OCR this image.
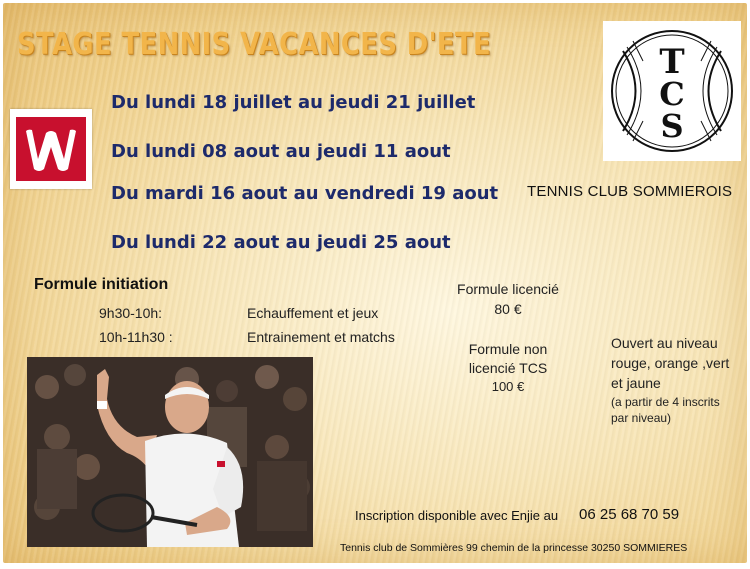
STAGE TENNIS VACANCES D'ETE
Du lundi 18 juillet au jeudi 21 juillet
Du lundi 08 aout au jeudi 11 aout
Du mardi 16 aout au vendredi 19 aout
Du lundi 22 aout au jeudi 25 aout
T
C
S
TENNIS CLUB SOMMIEROIS
Formule initiation
9h30-10h:	Echauffement et jeux
10h-11h30 :	Entrainement et matchs
Formule licencié
80 €
Formule non
licencié TCS
100 €
Ouvert au niveau
rouge, orange ,vert
et jaune
(a partir de 4 inscrits
par niveau)
Inscription disponible avec Enjie au 06 25 68 70 59
Tennis club de Sommières 99 chemin de la princesse 30250 SOMMIERES
